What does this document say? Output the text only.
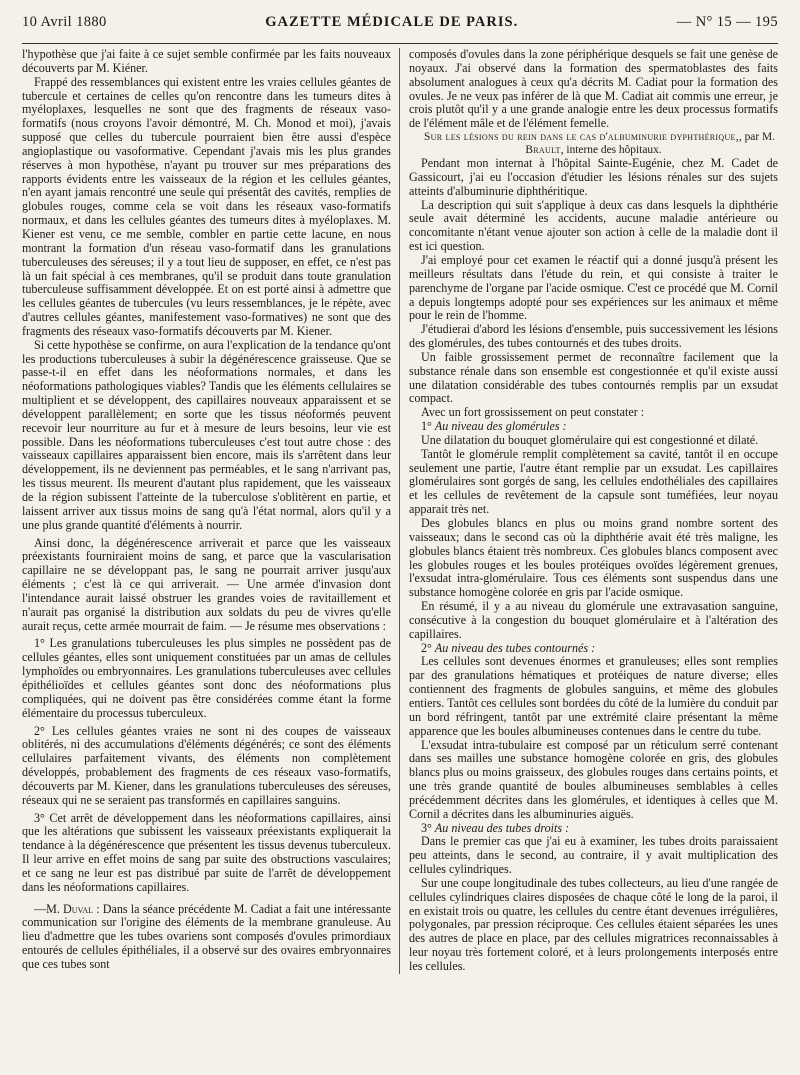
10 Avril 1880	GAZETTE MÉDICALE DE PARIS.	— N° 15 — 195

l'hypothèse que j'ai faite à ce sujet semble confirmée par les faits nouveaux découverts par M. Kiéner.

Frappé des ressemblances qui existent entre les vraies cellules géantes de tubercule et certaines de celles qu'on rencontre dans les tumeurs dites à myéloplaxes, lesquelles ne sont que des fragments de réseaux vaso-formatifs (nous croyons l'avoir démontré, M. Ch. Monod et moi), j'avais supposé que celles du tubercule pourraient bien être aussi d'espèce angioplastique ou vasoformative. Cependant j'avais mis les plus grandes réserves à mon hypothèse, n'ayant pu trouver sur mes préparations des rapports évidents entre les vaisseaux de la région et les cellules géantes, n'en ayant jamais rencontré une seule qui présentât des cavités, remplies de globules rouges, comme cela se voit dans les réseaux vaso-formatifs normaux, et dans les cellules géantes des tumeurs dites à myéloplaxes. M. Kiener est venu, ce me semble, combler en partie cette lacune, en nous montrant la formation d'un réseau vaso-formatif dans les granulations tuberculeuses des séreuses; il y a tout lieu de supposer, en effet, ce n'est pas là un fait spécial à ces membranes, qu'il se produit dans toute granulation tuberculeuse suffisamment développée. Et on est porté ainsi à admettre que les cellules géantes de tubercules (vu leurs ressemblances, je le répète, avec d'autres cellules géantes, manifestement vaso-formatives) ne sont que des fragments des réseaux vaso-formatifs découverts par M. Kiener.

Si cette hypothèse se confirme, on aura l'explication de la tendance qu'ont les productions tuberculeuses à subir la dégénérescence graisseuse. Que se passe-t-il en effet dans les néoformations normales, et dans les néoformations pathologiques viables? Tandis que les éléments cellulaires se multiplient et se développent, des capillaires nouveaux apparaissent et se développent parallèlement; en sorte que les tissus néoformés peuvent recevoir leur nourriture au fur et à mesure de leurs besoins, leur vie est possible. Dans les néoformations tuberculeuses c'est tout autre chose : des vaisseaux capillaires apparaissent bien encore, mais ils s'arrêtent dans leur développement, ils ne deviennent pas perméables, et le sang n'arrivant pas, les tissus meurent. Ils meurent d'autant plus rapidement, que les vaisseaux de la région subissent l'atteinte de la tuberculose s'oblitèrent en partie, et laissent arriver aux tissus moins de sang qu'à l'état normal, alors qu'il y a une plus grande quantité d'éléments à nourrir.

Ainsi donc, la dégénérescence arriverait et parce que les vaisseaux préexistants fourniraient moins de sang, et parce que la vascularisation capillaire ne se développant pas, le sang ne pourrait arriver jusqu'aux éléments ; c'est là ce qui arriverait. — Une armée d'invasion dont l'intendance aurait laissé obstruer les grandes voies de ravitaillement et n'aurait pas organisé la distribution aux soldats du peu de vivres qu'elle aurait reçus, cette armée mourrait de faim. — Je résume mes observations :

1° Les granulations tuberculeuses les plus simples ne possèdent pas de cellules géantes, elles sont uniquement constituées par un amas de cellules lymphoïdes ou embryonnaires. Les granulations tuberculeuses avec cellules épithélioïdes et cellules géantes sont donc des néoformations plus compliquées, qui ne doivent pas être considérées comme étant la forme élémentaire du processus tuberculeux.

2° Les cellules géantes vraies ne sont ni des coupes de vaisseaux oblitérés, ni des accumulations d'éléments dégénérés; ce sont des éléments cellulaires parfaitement vivants, des éléments non complètement développés, probablement des fragments de ces réseaux vaso-formatifs, découverts par M. Kiener, dans les granulations tuberculeuses des séreuses, réseaux qui ne se seraient pas transformés en capillaires sanguins.

3° Cet arrêt de développement dans les néoformations capillaires, ainsi que les altérations que subissent les vaisseaux préexistants expliquerait la tendance à la dégénérescence que présentent les tissus devenus tuberculeux. Il leur arrive en effet moins de sang par suite des obstructions vasculaires; et ce sang ne leur est pas distribué par suite de l'arrêt de développement dans les néoformations capillaires.

—M. Duval : Dans la séance précédente M. Cadiat a fait une intéressante communication sur l'origine des éléments de la membrane granuleuse. Au lieu d'admettre que les tubes ovariens sont composés d'ovules primordiaux entourés de cellules épithéliales, il a observé sur des ovaires embryonnaires que ces tubes sont

composés d'ovules dans la zone périphérique desquels se fait une genèse de noyaux. J'ai observé dans la formation des spermatoblastes des faits absolument analogues à ceux qu'a décrits M. Cadiat pour la formation des ovules. Je ne veux pas inférer de là que M. Cadiat ait commis une erreur, je crois plutôt qu'il y a une grande analogie entre les deux processus formatifs de l'élément mâle et de l'élément femelle.

Sur les lésions du rein dans le cas d'albuminurie dyphthérique,, par M. Brault, interne des hôpitaux.

Pendant mon internat à l'hôpital Sainte-Eugénie, chez M. Cadet de Gassicourt, j'ai eu l'occasion d'étudier les lésions rénales sur des sujets atteints d'albuminurie diphthéritique.

La description qui suit s'applique à deux cas dans lesquels la diphthérie seule avait déterminé les accidents, aucune maladie antérieure ou concomitante n'étant venue ajouter son action à celle de la maladie dont il est ici question.

J'ai employé pour cet examen le réactif qui a donné jusqu'à présent les meilleurs résultats dans l'étude du rein, et qui consiste à traiter le parenchyme de l'organe par l'acide osmique. C'est ce procédé que M. Cornil a depuis longtemps adopté pour ses expériences sur les animaux et même pour le rein de l'homme.

J'étudierai d'abord les lésions d'ensemble, puis successivement les lésions des glomérules, des tubes contournés et des tubes droits.

Un faible grossissement permet de reconnaître facilement que la substance rénale dans son ensemble est congestionnée et qu'il existe aussi une dilatation considérable des tubes contournés remplis par un exsudat compact.

Avec un fort grossissement on peut constater :

1° Au niveau des glomérules :

Une dilatation du bouquet glomérulaire qui est congestionné et dilaté.

Tantôt le glomérule remplit complètement sa cavité, tantôt il en occupe seulement une partie, l'autre étant remplie par un exsudat. Les capillaires glomérulaires sont gorgés de sang, les cellules endothéliales des capillaires et les cellules de revêtement de la capsule sont tuméfiées, leur noyau apparait très net.

Des globules blancs en plus ou moins grand nombre sortent des vaisseaux; dans le second cas où la diphthérie avait été très maligne, les globules blancs étaient très nombreux. Ces globules blancs composent avec les globules rouges et les boules protéiques ovoïdes légèrement grenues, l'exsudat intra-glomérulaire. Tous ces éléments sont suspendus dans une substance homogène colorée en gris par l'acide osmique.

En résumé, il y a au niveau du glomérule une extravasation sanguine, consécutive à la congestion du bouquet glomérulaire et à l'altération des capillaires.

2° Au niveau des tubes contournés :

Les cellules sont devenues énormes et granuleuses; elles sont remplies par des granulations hématiques et protéiques de nature diverse; elles contiennent des fragments de globules sanguins, et même des globules entiers. Tantôt ces cellules sont bordées du côté de la lumière du conduit par un bord réfringent, tantôt par une extrémité claire présentant la même apparence que les boules albumineuses contenues dans le centre du tube.

L'exsudat intra-tubulaire est composé par un réticulum serré contenant dans ses mailles une substance homogène colorée en gris, des globules blancs plus ou moins graisseux, des globules rouges dans certains points, et une très grande quantité de boules albumineuses semblables à celles précédemment décrites dans les glomérules, et identiques à celles que M. Cornil a décrites dans les albuminuries aiguës.

3° Au niveau des tubes droits :

Dans le premier cas que j'ai eu à examiner, les tubes droits paraissaient peu atteints, dans le second, au contraire, il y avait multiplication des cellules cylindriques.

Sur une coupe longitudinale des tubes collecteurs, au lieu d'une rangée de cellules cylindriques claires disposées de chaque côté le long de la paroi, il en existait trois ou quatre, les cellules du centre étant devenues irrégulières, polygonales, par pression réciproque. Ces cellules étaient séparées les unes des autres de place en place, par des cellules migratrices reconnaissables à leur noyau très fortement coloré, et à leurs prolongements interposés entre les cellules.
